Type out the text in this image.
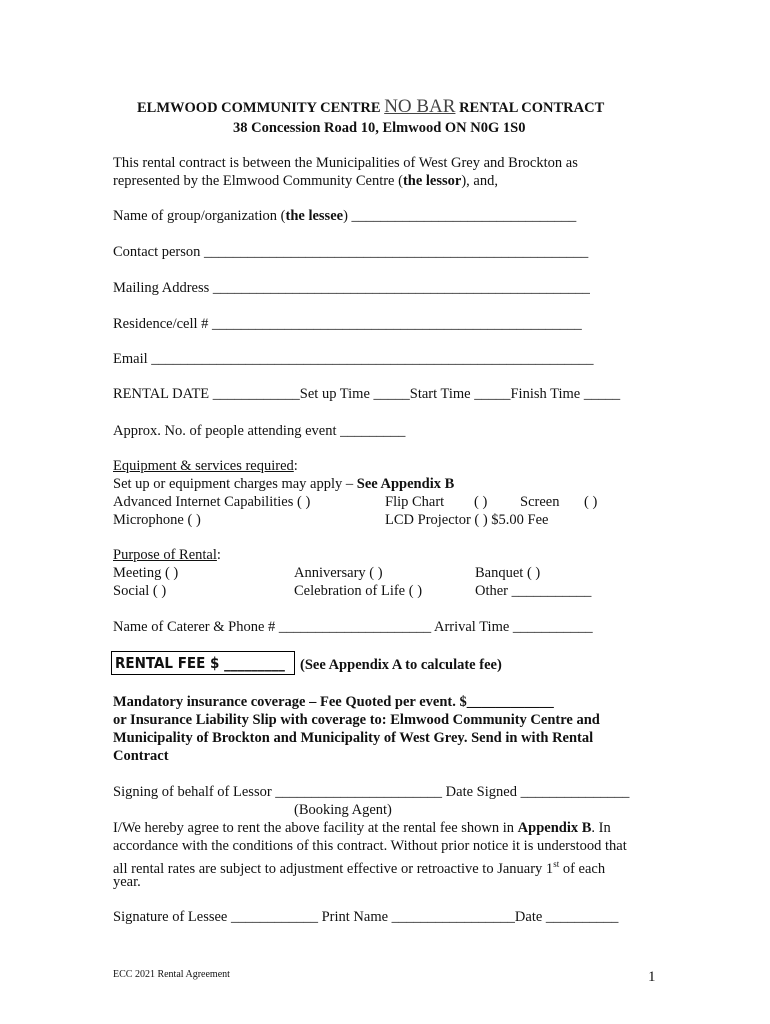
ELMWOOD COMMUNITY CENTRE NO BAR RENTAL CONTRACT
38 Concession Road 10, Elmwood ON N0G 1S0
This rental contract is between the Municipalities of West Grey and Brockton as
represented by the Elmwood Community Centre (the lessor), and,
Name of group/organization (the lessee) _______________________________
Contact person _____________________________________________________
Mailing Address ____________________________________________________
Residence/cell # ___________________________________________________
Email _____________________________________________________________
RENTAL DATE ____________Set up Time _____Start Time _____Finish Time _____
Approx. No. of people attending event _________
Equipment & services required:
Set up or equipment charges may apply – See Appendix B
Advanced Internet Capabilities ( )	Flip Chart ( ) Screen ( )
Microphone ( )	LCD Projector ( ) $5.00 Fee
Purpose of Rental:
Meeting ( )	Anniversary ( )	Banquet ( )
Social ( )	Celebration of Life ( )	Other ___________
Name of Caterer & Phone # _____________________ Arrival Time ___________
RENTAL FEE $ _________	(See Appendix A to calculate fee)
Mandatory insurance coverage – Fee Quoted per event. $____________
or Insurance Liability Slip with coverage to: Elmwood Community Centre and
Municipality of Brockton and Municipality of West Grey. Send in with Rental
Contract
Signing of behalf of Lessor _______________________ Date Signed _______________
(Booking Agent)
I/We hereby agree to rent the above facility at the rental fee shown in Appendix B. In
accordance with the conditions of this contract. Without prior notice it is understood that
all rental rates are subject to adjustment effective or retroactive to January 1st of each
year.
Signature of Lessee ____________ Print Name _________________Date __________
ECC 2021 Rental Agreement	1
